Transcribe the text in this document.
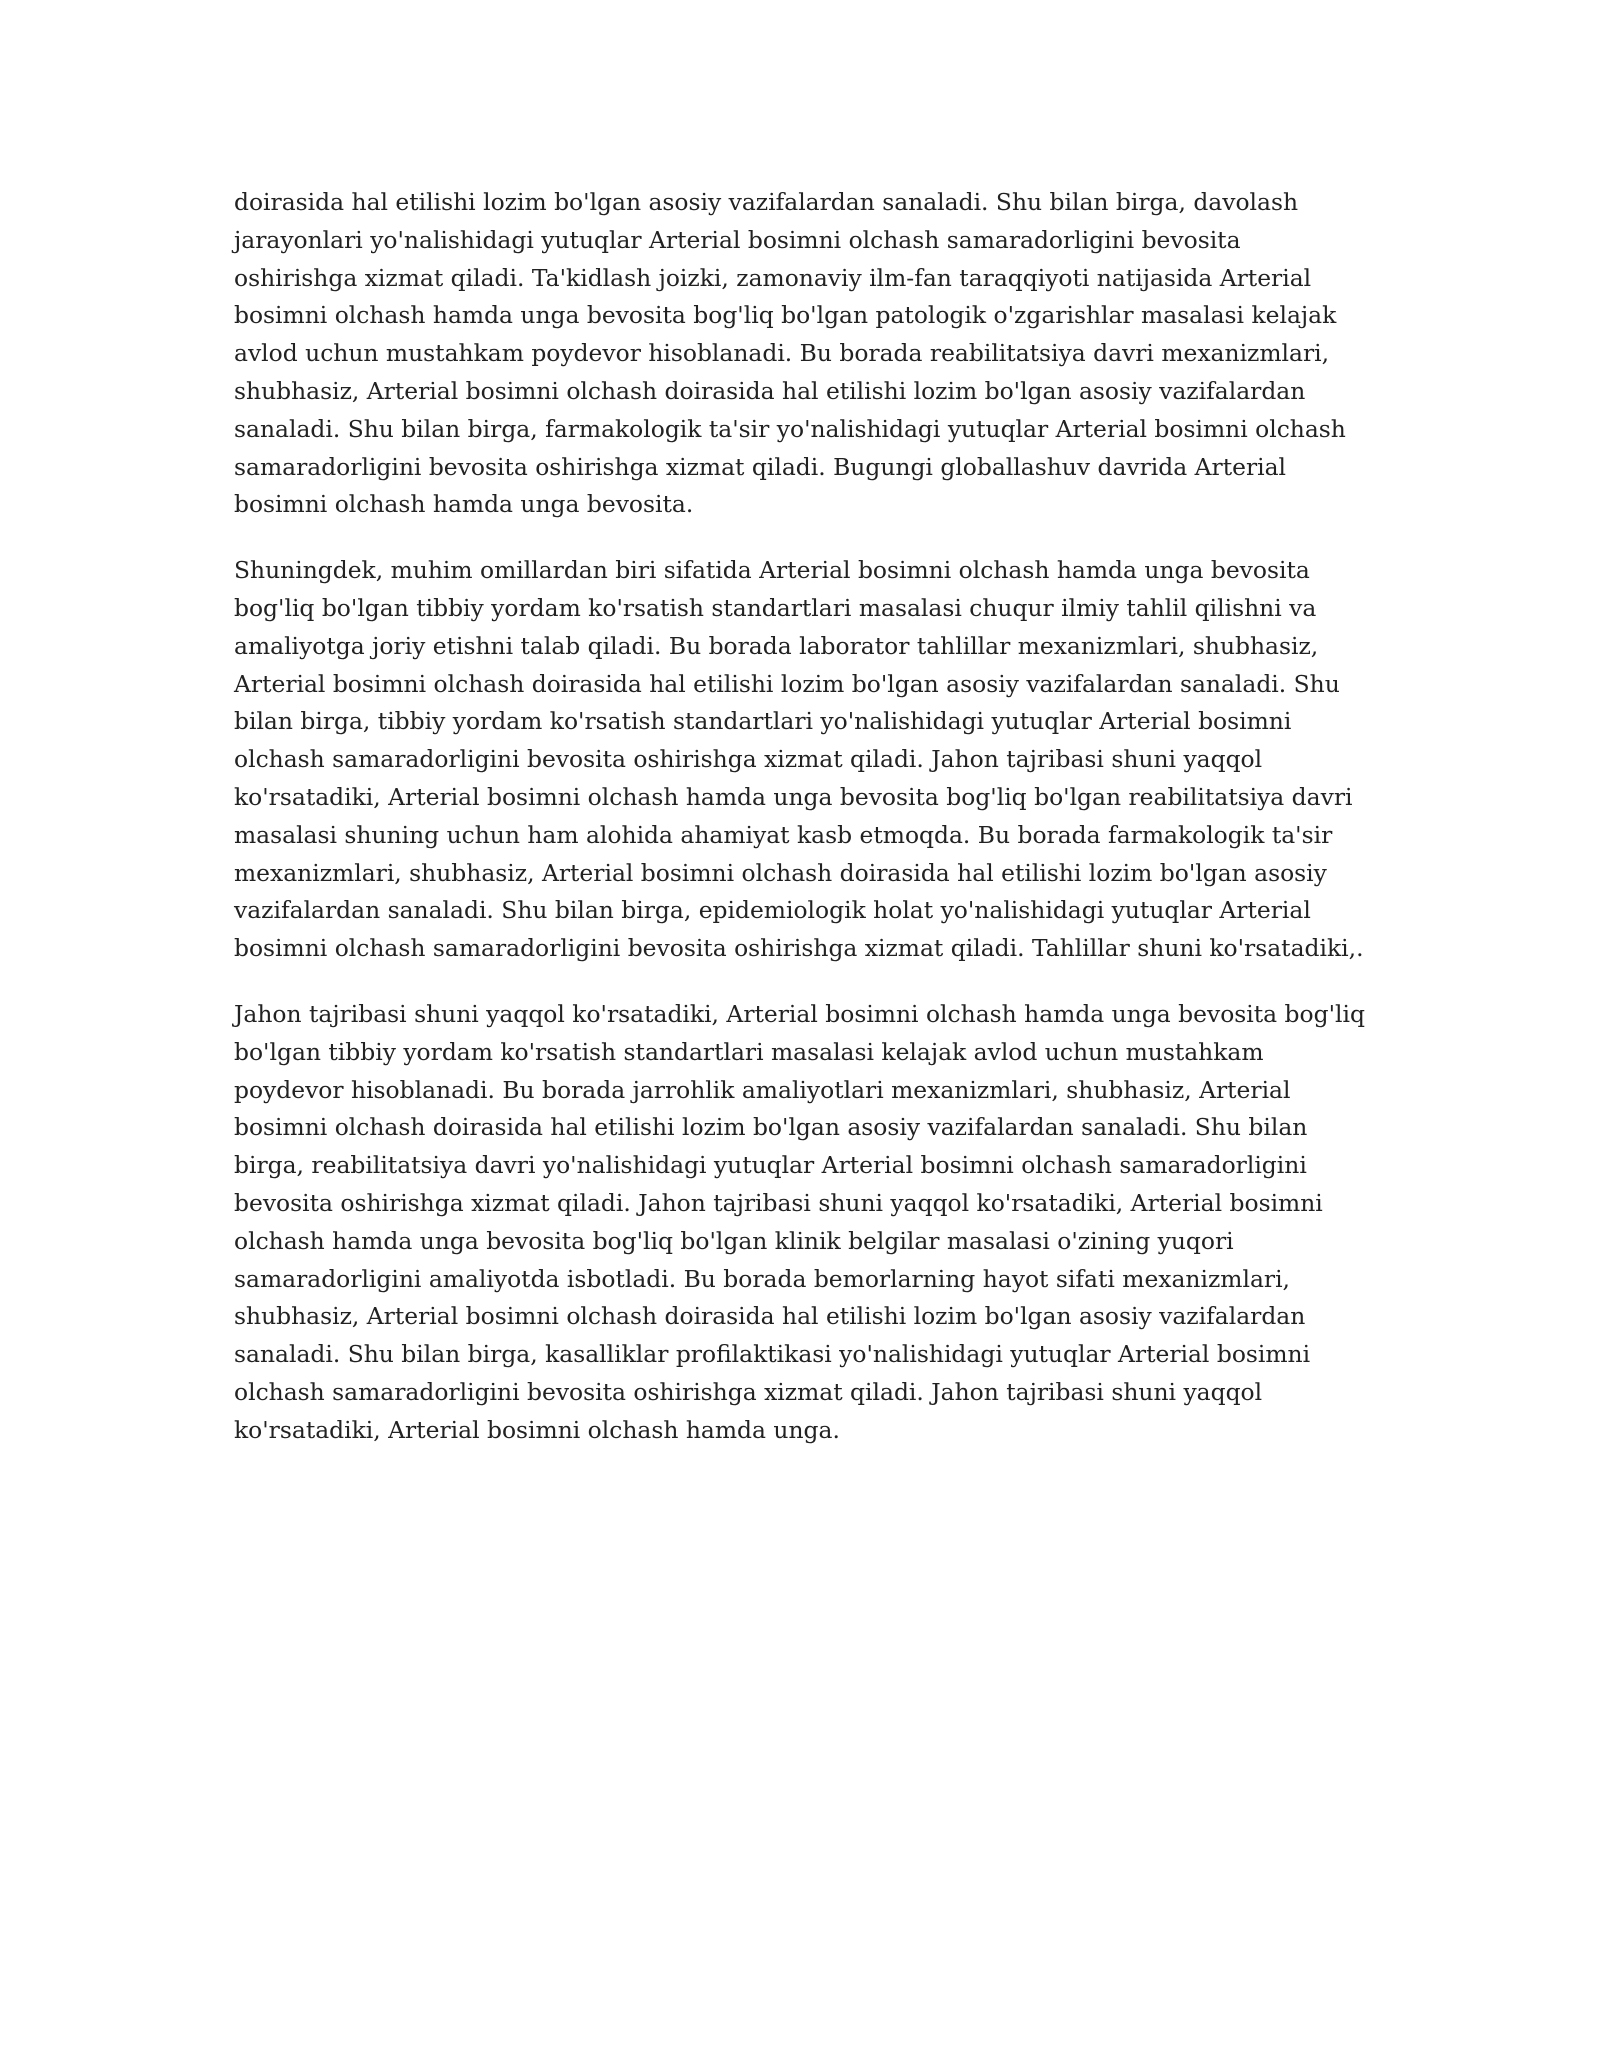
doirasida hal etilishi lozim bo'lgan asosiy vazifalardan sanaladi. Shu bilan birga, davolash
jarayonlari yo'nalishidagi yutuqlar Arterial bosimni olchash samaradorligini bevosita
oshirishga xizmat qiladi. Ta'kidlash joizki, zamonaviy ilm-fan taraqqiyoti natijasida Arterial
bosimni olchash hamda unga bevosita bog'liq bo'lgan patologik o'zgarishlar masalasi kelajak
avlod uchun mustahkam poydevor hisoblanadi. Bu borada reabilitatsiya davri mexanizmlari,
shubhasiz, Arterial bosimni olchash doirasida hal etilishi lozim bo'lgan asosiy vazifalardan
sanaladi. Shu bilan birga, farmakologik ta'sir yo'nalishidagi yutuqlar Arterial bosimni olchash
samaradorligini bevosita oshirishga xizmat qiladi. Bugungi globallashuv davrida Arterial
bosimni olchash hamda unga bevosita.

Shuningdek, muhim omillardan biri sifatida Arterial bosimni olchash hamda unga bevosita
bog'liq bo'lgan tibbiy yordam ko'rsatish standartlari masalasi chuqur ilmiy tahlil qilishni va
amaliyotga joriy etishni talab qiladi. Bu borada laborator tahlillar mexanizmlari, shubhasiz,
Arterial bosimni olchash doirasida hal etilishi lozim bo'lgan asosiy vazifalardan sanaladi. Shu
bilan birga, tibbiy yordam ko'rsatish standartlari yo'nalishidagi yutuqlar Arterial bosimni
olchash samaradorligini bevosita oshirishga xizmat qiladi. Jahon tajribasi shuni yaqqol
ko'rsatadiki, Arterial bosimni olchash hamda unga bevosita bog'liq bo'lgan reabilitatsiya davri
masalasi shuning uchun ham alohida ahamiyat kasb etmoqda. Bu borada farmakologik ta'sir
mexanizmlari, shubhasiz, Arterial bosimni olchash doirasida hal etilishi lozim bo'lgan asosiy
vazifalardan sanaladi. Shu bilan birga, epidemiologik holat yo'nalishidagi yutuqlar Arterial
bosimni olchash samaradorligini bevosita oshirishga xizmat qiladi. Tahlillar shuni ko'rsatadiki,.

Jahon tajribasi shuni yaqqol ko'rsatadiki, Arterial bosimni olchash hamda unga bevosita bog'liq
bo'lgan tibbiy yordam ko'rsatish standartlari masalasi kelajak avlod uchun mustahkam
poydevor hisoblanadi. Bu borada jarrohlik amaliyotlari mexanizmlari, shubhasiz, Arterial
bosimni olchash doirasida hal etilishi lozim bo'lgan asosiy vazifalardan sanaladi. Shu bilan
birga, reabilitatsiya davri yo'nalishidagi yutuqlar Arterial bosimni olchash samaradorligini
bevosita oshirishga xizmat qiladi. Jahon tajribasi shuni yaqqol ko'rsatadiki, Arterial bosimni
olchash hamda unga bevosita bog'liq bo'lgan klinik belgilar masalasi o'zining yuqori
samaradorligini amaliyotda isbotladi. Bu borada bemorlarning hayot sifati mexanizmlari,
shubhasiz, Arterial bosimni olchash doirasida hal etilishi lozim bo'lgan asosiy vazifalardan
sanaladi. Shu bilan birga, kasalliklar profilaktikasi yo'nalishidagi yutuqlar Arterial bosimni
olchash samaradorligini bevosita oshirishga xizmat qiladi. Jahon tajribasi shuni yaqqol
ko'rsatadiki, Arterial bosimni olchash hamda unga.
